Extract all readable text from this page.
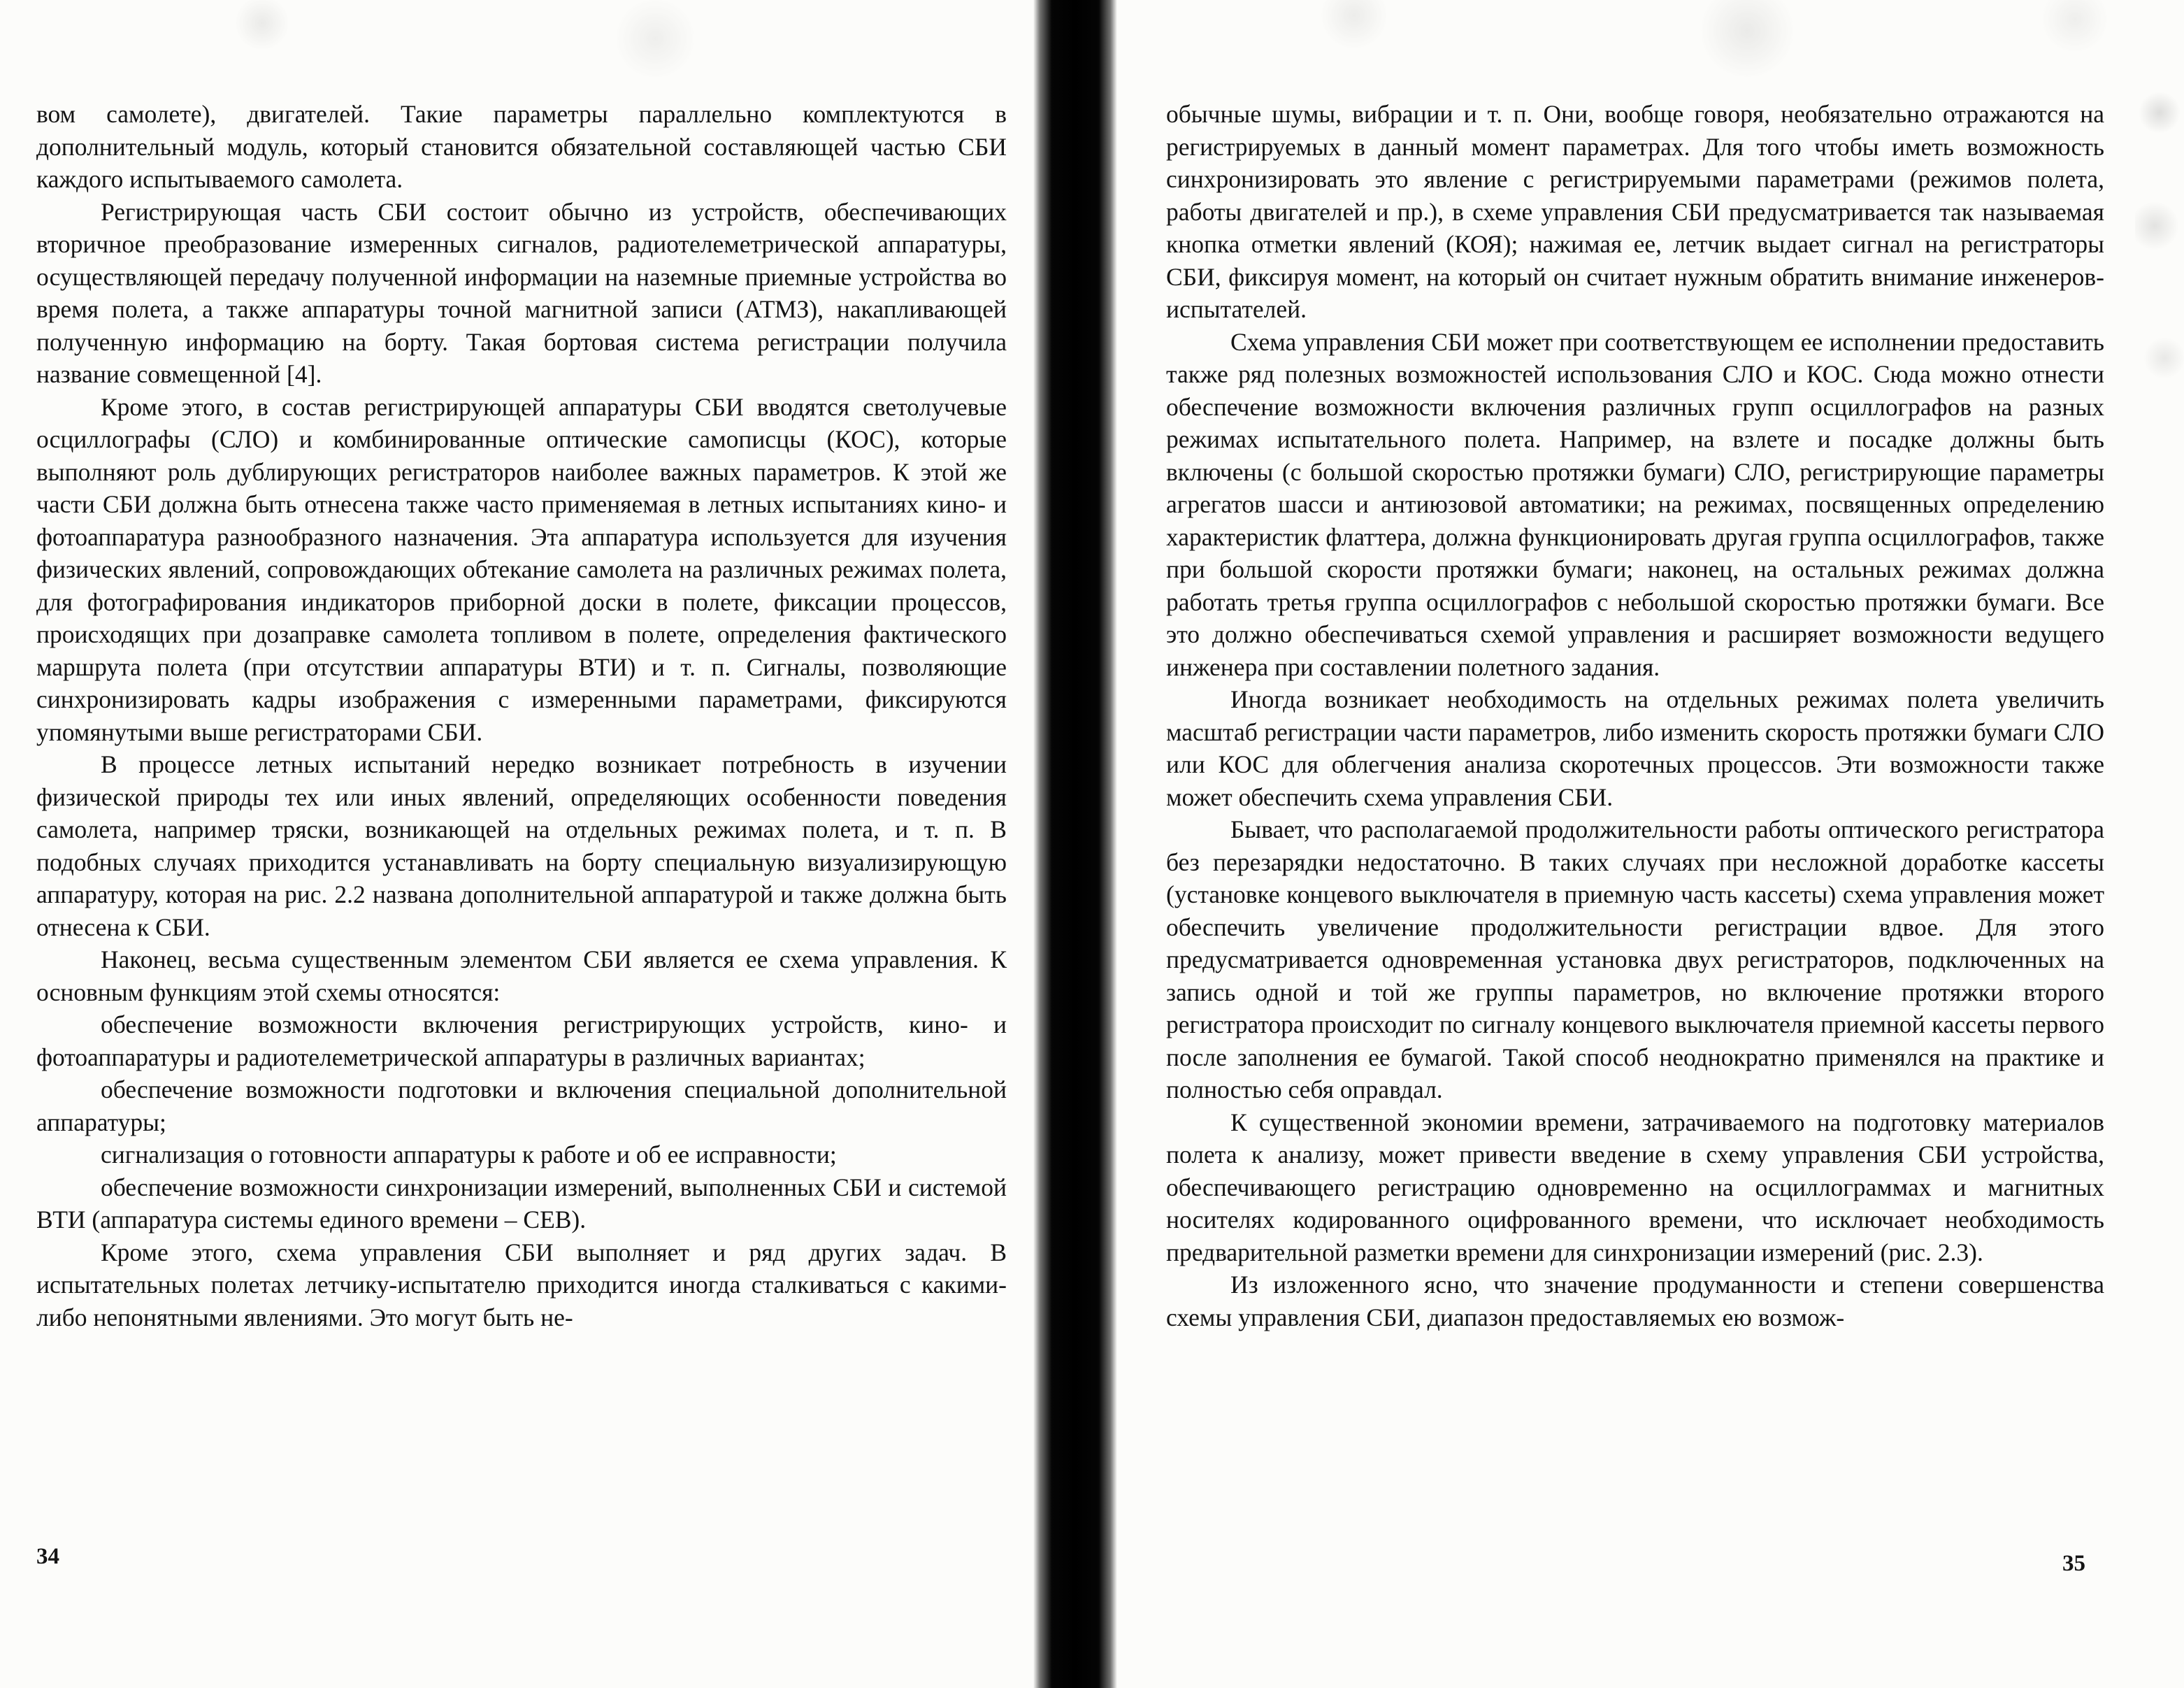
вом самолете), двигателей. Такие параметры параллельно комплектуются в дополнительный модуль, который становится обязательной составляющей частью СБИ каждого испытываемого самолета.

Регистрирующая часть СБИ состоит обычно из устройств, обеспечивающих вторичное преобразование измеренных сигналов, радиотелеметрической аппаратуры, осуществляющей передачу полученной информации на наземные приемные устройства во время полета, а также аппаратуры точной магнитной записи (АТМЗ), накапливающей полученную информацию на борту. Такая бортовая система регистрации получила название совмещенной [4].

Кроме этого, в состав регистрирующей аппаратуры СБИ вводятся светолучевые осциллографы (СЛО) и комбинированные оптические самописцы (КОС), которые выполняют роль дублирующих регистраторов наиболее важных параметров. К этой же части СБИ должна быть отнесена также часто применяемая в летных испытаниях кино- и фотоаппаратура разнообразного назначения. Эта аппаратура используется для изучения физических явлений, сопровождающих обтекание самолета на различных режимах полета, для фотографирования индикаторов приборной доски в полете, фиксации процессов, происходящих при дозаправке самолета топливом в полете, определения фактического маршрута полета (при отсутствии аппаратуры ВТИ) и т. п. Сигналы, позволяющие синхронизировать кадры изображения с измеренными параметрами, фиксируются упомянутыми выше регистраторами СБИ.

В процессе летных испытаний нередко возникает потребность в изучении физической природы тех или иных явлений, определяющих особенности поведения самолета, например тряски, возникающей на отдельных режимах полета, и т. п. В подобных случаях приходится устанавливать на борту специальную визуализирующую аппаратуру, которая на рис. 2.2 названа дополнительной аппаратурой и также должна быть отнесена к СБИ.

Наконец, весьма существенным элементом СБИ является ее схема управления. К основным функциям этой схемы относятся:

обеспечение возможности включения регистрирующих устройств, кино- и фотоаппаратуры и радиотелеметрической аппаратуры в различных вариантах;

обеспечение возможности подготовки и включения специальной дополнительной аппаратуры;

сигнализация о готовности аппаратуры к работе и об ее исправности;

обеспечение возможности синхронизации измерений, выполненных СБИ и системой ВТИ (аппаратура системы единого времени – СЕВ).

Кроме этого, схема управления СБИ выполняет и ряд других задач. В испытательных полетах летчику-испытателю приходится иногда сталкиваться с какими-либо непонятными явлениями. Это могут быть не-

34

обычные шумы, вибрации и т. п. Они, вообще говоря, необязательно отражаются на регистрируемых в данный момент параметрах. Для того чтобы иметь возможность синхронизировать это явление с регистрируемыми параметрами (режимов полета, работы двигателей и пр.), в схеме управления СБИ предусматривается так называемая кнопка отметки явлений (КОЯ); нажимая ее, летчик выдает сигнал на регистраторы СБИ, фиксируя момент, на который он считает нужным обратить внимание инженеров-испытателей.

Схема управления СБИ может при соответствующем ее исполнении предоставить также ряд полезных возможностей использования СЛО и КОС. Сюда можно отнести обеспечение возможности включения различных групп осциллографов на разных режимах испытательного полета. Например, на взлете и посадке должны быть включены (с большой скоростью протяжки бумаги) СЛО, регистрирующие параметры агрегатов шасси и антиюзовой автоматики; на режимах, посвященных определению характеристик флаттера, должна функционировать другая группа осциллографов, также при большой скорости протяжки бумаги; наконец, на остальных режимах должна работать третья группа осциллографов с небольшой скоростью протяжки бумаги. Все это должно обеспечиваться схемой управления и расширяет возможности ведущего инженера при составлении полетного задания.

Иногда возникает необходимость на отдельных режимах полета увеличить масштаб регистрации части параметров, либо изменить скорость протяжки бумаги СЛО или КОС для облегчения анализа скоротечных процессов. Эти возможности также может обеспечить схема управления СБИ.

Бывает, что располагаемой продолжительности работы оптического регистратора без перезарядки недостаточно. В таких случаях при несложной доработке кассеты (установке концевого выключателя в приемную часть кассеты) схема управления может обеспечить увеличение продолжительности регистрации вдвое. Для этого предусматривается одновременная установка двух регистраторов, подключенных на запись одной и той же группы параметров, но включение протяжки второго регистратора происходит по сигналу концевого выключателя приемной кассеты первого после заполнения ее бумагой. Такой способ неоднократно применялся на практике и полностью себя оправдал.

К существенной экономии времени, затрачиваемого на подготовку материалов полета к анализу, может привести введение в схему управления СБИ устройства, обеспечивающего регистрацию одновременно на осциллограммах и магнитных носителях кодированного оцифрованного времени, что исключает необходимость предварительной разметки времени для синхронизации измерений (рис. 2.3).

Из изложенного ясно, что значение продуманности и степени совершенства схемы управления СБИ, диапазон предоставляемых ею возмож-

35
